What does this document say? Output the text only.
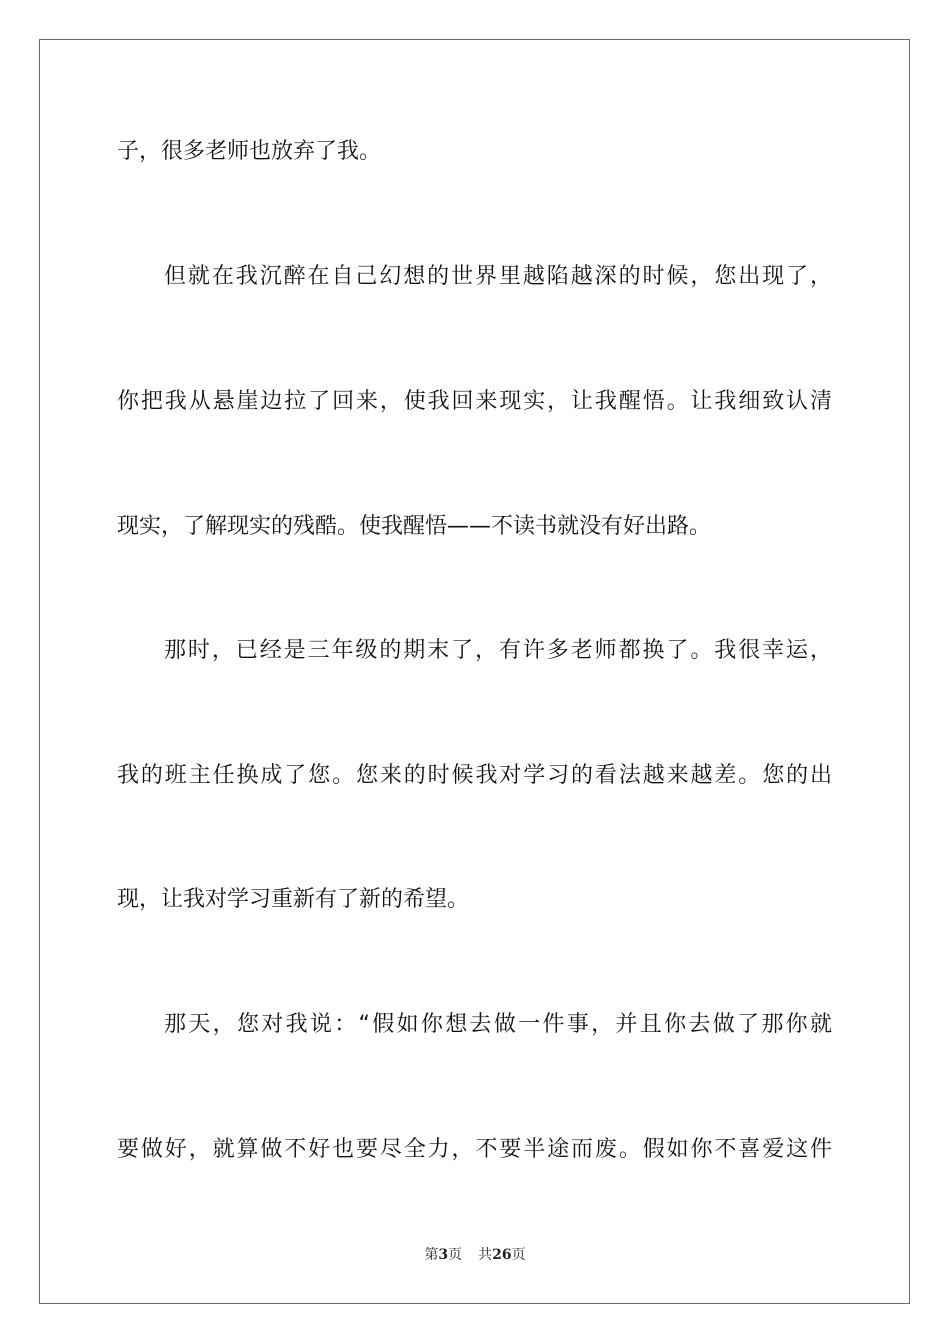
子，很多老师也放弃了我。
但就在我沉醉在自己幻想的世界里越陷越深的时候，您出现了，
你把我从悬崖边拉了回来，使我回来现实，让我醒悟。让我细致认清
现实，了解现实的残酷。使我醒悟——不读书就没有好出路。
那时，已经是三年级的期末了，有许多老师都换了。我很幸运，
我的班主任换成了您。您来的时候我对学习的看法越来越差。您的出
现，让我对学习重新有了新的希望。
那天，您对我说：“假如你想去做一件事，并且你去做了那你就
要做好，就算做不好也要尽全力，不要半途而废。假如你不喜爱这件
第3页 共26页
